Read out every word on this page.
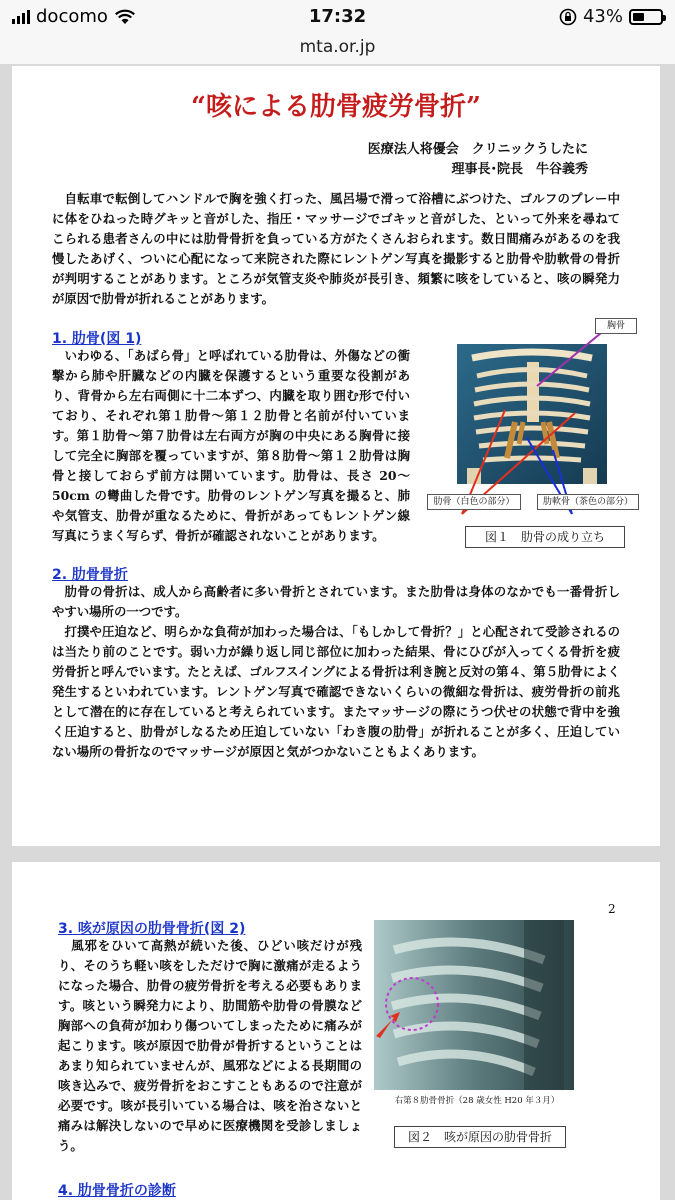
docomo	17:32	43%
mta.or.jp
“咳による肋骨疲労骨折”
医療法人将優会　クリニックうしたに
理事長･院長　牛谷義秀

　自転車で転倒してハンドルで胸を強く打った、風呂場で滑って浴槽にぶつけた、ゴルフのプレー中に体をひねった時グキッと音がした、指圧・マッサージでゴキッと音がした、といって外来を尋ねてこられる患者さんの中には肋骨骨折を負っている方がたくさんおられます。数日間痛みがあるのを我慢したあげく、ついに心配になって来院された際にレントゲン写真を撮影すると肋骨や肋軟骨の骨折が判明することがあります。ところが気管支炎や肺炎が長引き、頻繁に咳をしていると、咳の瞬発力が原因で肋骨が折れることがあります。

1. 肋骨(図 1)

　いわゆる、「あばら骨」と呼ばれている肋骨は、外傷などの衝撃から肺や肝臓などの内臓を保護するという重要な役割があり、背骨から左右両側に十二本ずつ、内臓を取り囲む形で付いており、それぞれ第１肋骨～第１２肋骨と名前が付いています。第１肋骨～第７肋骨は左右両方が胸の中央にある胸骨に接して完全に胸部を覆っていますが、第８肋骨～第１２肋骨は胸骨と接しておらず前方は開いています。肋骨は、長さ 20～50cm の彎曲した骨です。肋骨のレントゲン写真を撮ると、肺や気管支、肋骨が重なるために、骨折があってもレントゲン線写真にうまく写らず、骨折が確認されないことがあります。

胸骨
肋骨（白色の部分）	肋軟骨（茶色の部分）
図１　肋骨の成り立ち
2. 肋骨骨折

　肋骨の骨折は、成人から高齢者に多い骨折とされています。また肋骨は身体のなかでも一番骨折しやすい場所の一つです。

　打撲や圧迫など、明らかな負荷が加わった場合は、「もしかして骨折？」と心配されて受診されるのは当たり前のことです。弱い力が繰り返し同じ部位に加わった結果、骨にひびが入ってくる骨折を疲労骨折と呼んでいます。たとえば、ゴルフスイングによる骨折は利き腕と反対の第４、第５肋骨によく発生するといわれています。レントゲン写真で確認できないくらいの微細な骨折は、疲労骨折の前兆として潜在的に存在していると考えられています。またマッサージの際にうつ伏せの状態で背中を強く圧迫すると、肋骨がしなるため圧迫していない「わき腹の肋骨」が折れることが多く、圧迫していない場所の骨折なのでマッサージが原因と気がつかないこともよくあります。

2
3. 咳が原因の肋骨骨折(図 2)

　風邪をひいて高熱が続いた後、ひどい咳だけが残り、そのうち軽い咳をしただけで胸に激痛が走るようになった場合、肋骨の疲労骨折を考える必要もあります。咳という瞬発力により、肋間筋や肋骨の骨膜など胸部への負荷が加わり傷ついてしまったために痛みが起こります。咳が原因で肋骨が骨折するということはあまり知られていませんが、風邪などによる長期間の咳き込みで、疲労骨折をおこすこともあるので注意が必要です。咳が長引いている場合は、咳を治さないと痛みは解決しないので早めに医療機関を受診しましょう。

右第８肋骨骨折（28 歳女性 H20 年３月）
図２　咳が原因の肋骨骨折
4. 肋骨骨折の診断
